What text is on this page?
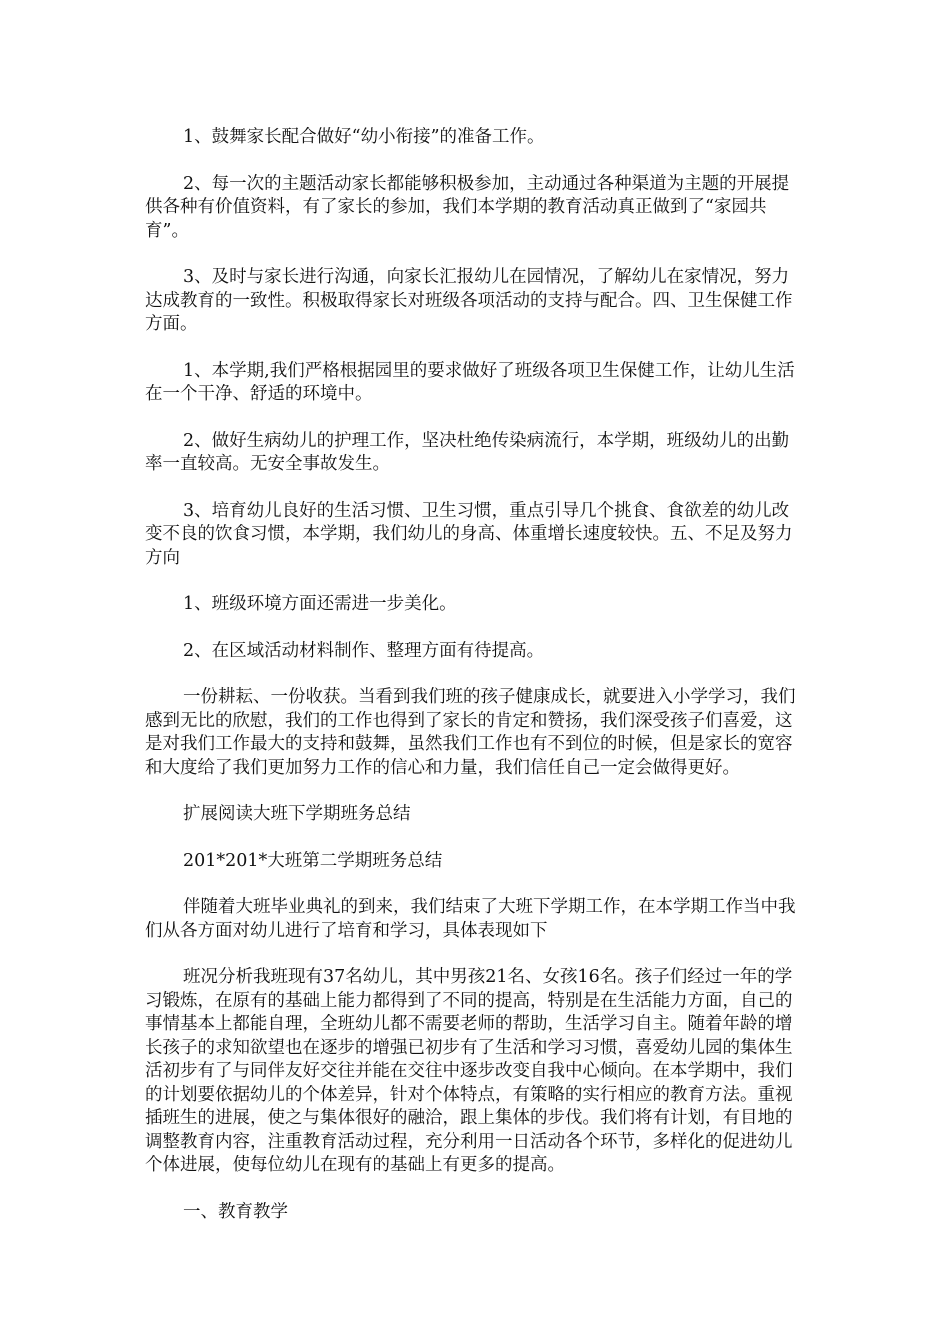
1、鼓舞家长配合做好“幼小衔接”的准备工作。

2、每一次的主题活动家长都能够积极参加，主动通过各种渠道为主题的开展提供各种有价值资料，有了家长的参加，我们本学期的教育活动真正做到了“家园共育”。

3、及时与家长进行沟通，向家长汇报幼儿在园情况，了解幼儿在家情况，努力达成教育的一致性。积极取得家长对班级各项活动的支持与配合。四、卫生保健工作方面。

1、本学期,我们严格根据园里的要求做好了班级各项卫生保健工作，让幼儿生活在一个干净、舒适的环境中。

2、做好生病幼儿的护理工作，坚决杜绝传染病流行，本学期，班级幼儿的出勤率一直较高。无安全事故发生。

3、培育幼儿良好的生活习惯、卫生习惯，重点引导几个挑食、食欲差的幼儿改变不良的饮食习惯，本学期，我们幼儿的身高、体重增长速度较快。五、不足及努力方向

1、班级环境方面还需进一步美化。

2、在区域活动材料制作、整理方面有待提高。

一份耕耘、一份收获。当看到我们班的孩子健康成长，就要进入小学学习，我们感到无比的欣慰，我们的工作也得到了家长的肯定和赞扬，我们深受孩子们喜爱，这是对我们工作最大的支持和鼓舞，虽然我们工作也有不到位的时候，但是家长的宽容和大度给了我们更加努力工作的信心和力量，我们信任自己一定会做得更好。

扩展阅读大班下学期班务总结

201*201*大班第二学期班务总结

伴随着大班毕业典礼的到来，我们结束了大班下学期工作，在本学期工作当中我们从各方面对幼儿进行了培育和学习，具体表现如下

班况分析我班现有37名幼儿，其中男孩21名、女孩16名。孩子们经过一年的学习锻炼，在原有的基础上能力都得到了不同的提高，特别是在生活能力方面，自己的事情基本上都能自理，全班幼儿都不需要老师的帮助，生活学习自主。随着年龄的增长孩子的求知欲望也在逐步的增强已初步有了生活和学习习惯，喜爱幼儿园的集体生活初步有了与同伴友好交往并能在交往中逐步改变自我中心倾向。在本学期中，我们的计划要依据幼儿的个体差异，针对个体特点，有策略的实行相应的教育方法。重视插班生的进展，使之与集体很好的融洽，跟上集体的步伐。我们将有计划，有目地的调整教育内容，注重教育活动过程，充分利用一日活动各个环节，多样化的促进幼儿个体进展，使每位幼儿在现有的基础上有更多的提高。

一、教育教学
